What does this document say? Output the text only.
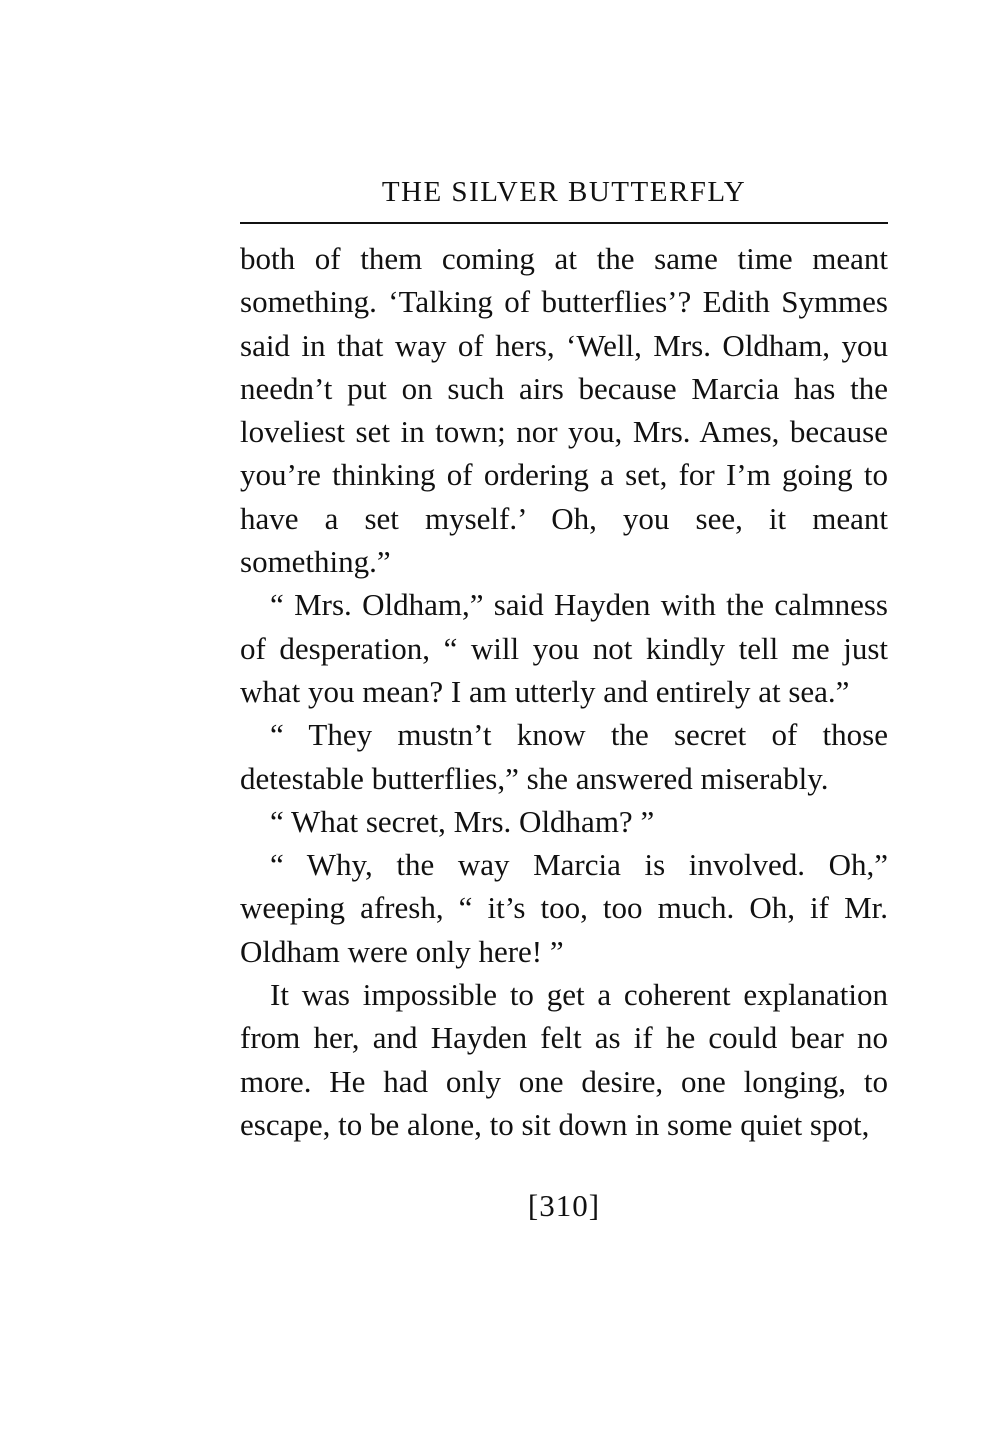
THE SILVER BUTTERFLY

both of them coming at the same time meant something. ‘Talking of butterflies’? Edith Symmes said in that way of hers, ‘Well, Mrs. Oldham, you needn’t put on such airs because Marcia has the loveliest set in town; nor you, Mrs. Ames, because you’re thinking of ordering a set, for I’m going to have a set myself.’ Oh, you see, it meant something.”

“ Mrs. Oldham,” said Hayden with the calmness of desperation, “ will you not kindly tell me just what you mean? I am utterly and entirely at sea.”

“ They mustn’t know the secret of those detestable butterflies,” she answered miserably.

“ What secret, Mrs. Oldham? ”

“ Why, the way Marcia is involved. Oh,” weeping afresh, “ it’s too, too much. Oh, if Mr. Oldham were only here! ”

It was impossible to get a coherent explanation from her, and Hayden felt as if he could bear no more. He had only one desire, one longing, to escape, to be alone, to sit down in some quiet spot,

[310]
